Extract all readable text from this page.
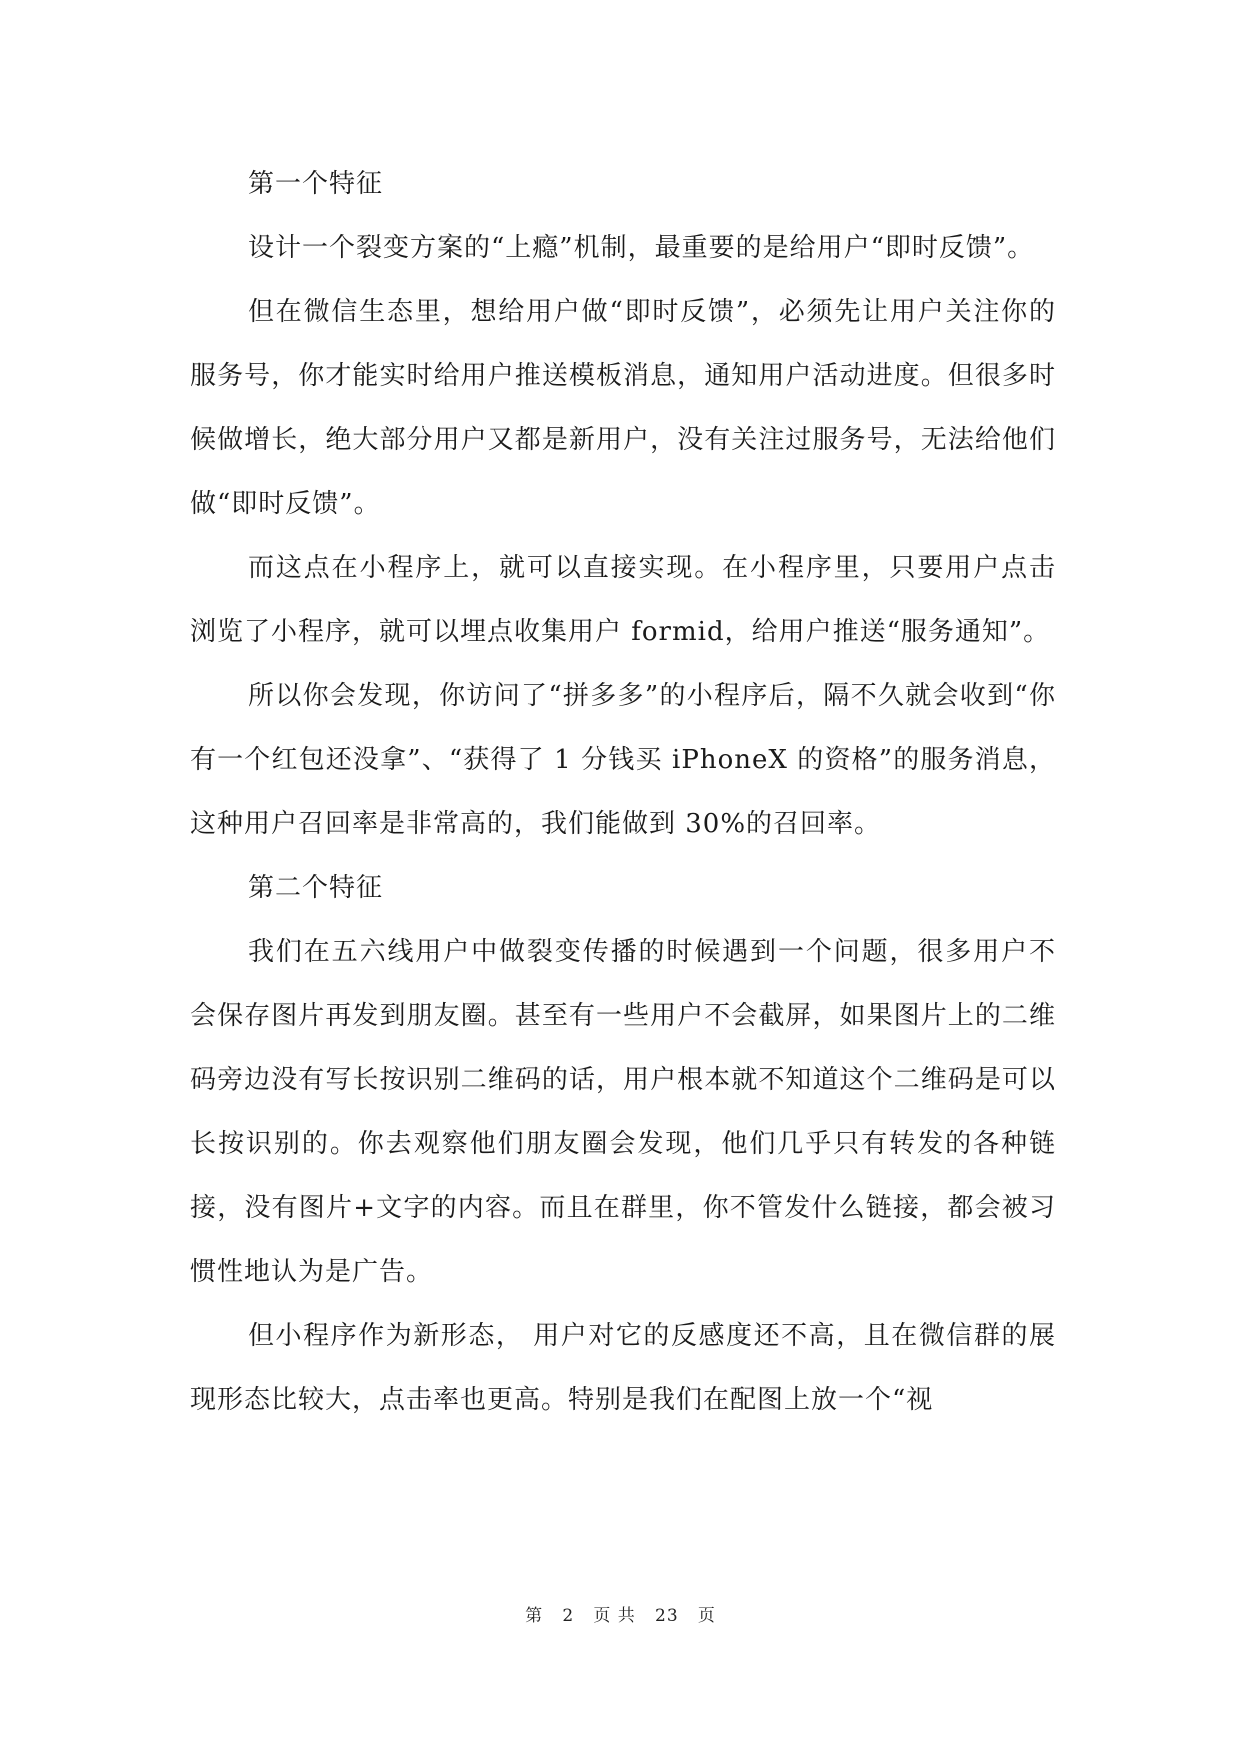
第一个特征

设计一个裂变方案的“上瘾”机制，最重要的是给用户“即时反馈”。

但在微信生态里，想给用户做“即时反馈”，必须先让用户关注你的服务号，你才能实时给用户推送模板消息，通知用户活动进度。但很多时候做增长，绝大部分用户又都是新用户，没有关注过服务号，无法给他们做“即时反馈”。

而这点在小程序上，就可以直接实现。在小程序里，只要用户点击浏览了小程序，就可以埋点收集用户 formid，给用户推送“服务通知”。

所以你会发现，你访问了“拼多多”的小程序后，隔不久就会收到“你有一个红包还没拿”、“获得了 1 分钱买 iPhoneX 的资格”的服务消息，这种用户召回率是非常高的，我们能做到 30%的召回率。

第二个特征

我们在五六线用户中做裂变传播的时候遇到一个问题，很多用户不会保存图片再发到朋友圈。甚至有一些用户不会截屏，如果图片上的二维码旁边没有写长按识别二维码的话，用户根本就不知道这个二维码是可以长按识别的。你去观察他们朋友圈会发现，他们几乎只有转发的各种链接，没有图片+文字的内容。而且在群里，你不管发什么链接，都会被习惯性地认为是广告。

但小程序作为新形态， 用户对它的反感度还不高，且在微信群的展现形态比较大，点击率也更高。特别是我们在配图上放一个“视

第 2 页 共 23 页
